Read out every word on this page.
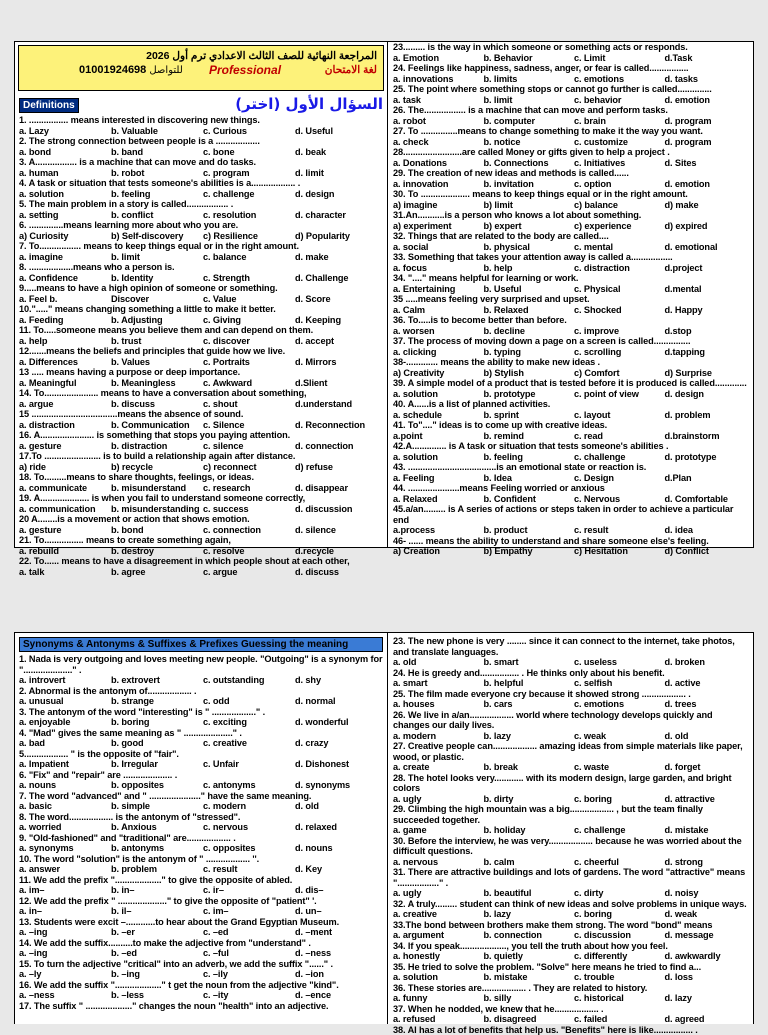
المراجعة النهائية للصف الثالث الاعدادي ترم أول 2026
لغة الامتحان
Professional
01001924698 للتواصل
Definitions	السؤال الأول (اختر)
1. ................ means interested in discovering new things.
a. Lazy	b. Valuable	c. Curious	d. Useful
2. The strong connection between people is a ..................
a. bond	b. band	c. bone	d. beak
3. A................. is a machine that can move and do tasks.
a. human	b. robot	c. program	d. limit
4. A task or situation that tests someone's abilities is a.................. .
a. solution	b. feeling	c. challenge	d. design
5. The main problem in a story is called................. .
a. setting	b. conflict	c. resolution	d. character
6. ..............means learning more about who you are.
a) Curiosity	b) Self-discovery	c) Resilience	d) Popularity
7. To................. means to keep things equal or in the right amount.
a. imagine	b. limit	c. balance	d. make
8. ..................means who a person is.
a. Confidence	b. Identity	c. Strength	d. Challenge
9.....means to have a high opinion of someone or something.
a. Feel b.	Discover	c. Value	d. Score
10."....." means changing something a little to make it better.
a. Feeding	b. Adjusting	c. Giving	d. Keeping
11. To.....someone means you believe them and can depend on them.
a. help	b. trust	c. discover	d. accept
12.......means the beliefs and principles that guide how we live.
a. Differences	b. Values	c. Portraits	d. Mirrors
13 ..... means having a purpose or deep importance.
a. Meaningful	b. Meaningless	c. Awkward	d.Slient
14. To...................... means to have a conversation about something,
a. argue	b. discuss	c. shout	d.understand
15 ...................................means the absence of sound.
a. distraction	b. Communication	c. Silence	d. Reconnection
16. A...................... is something that stops you paying attention.
a. gesture	b. distraction	c. silence	d. connection
17.To ....................... is to build a relationship again after distance.
a) ride	b) recycle	c) reconnect	d) refuse
18. To.........means to share thoughts, feelings, or ideas.
a. communicate	b. misunderstand	c. research	d. disappear
19. A.................... is when you fail to understand someone correctly,
a. communication	b. misunderstanding c. success	d. discussion
20 A........is a movement or action that shows emotion.
a. gesture	b. bond	c. connection	d. silence
21. To................ means to create something again,
a. rebuild	b. destroy	c. resolve	d.recycle
22. To...... means to have a disagreement in which people shout at each other,
a. talk	b. agree	c. argue	d. discuss
23......... is the way in which someone or something acts or responds.
a. Emotion	b. Behavior	c. Limit	d.Task
24. Feelings like happiness, sadness, anger, or fear is called................
a. innovations	b. limits	c. emotions	d. tasks
25. The point where something stops or cannot go further is called..............
a. task	b. limit	c. behavior	d. emotion
26. The................. is a machine that can move and perform tasks.
a. robot	b. computer	c. brain	d. program
27. To ...............means to change something to make it the way you want.
a. check	b. notice	c. customize	d. program
28........................are called Money or gifts given to help a project .
a. Donations	b. Connections	c. Initiatives	d. Sites
29. The creation of new ideas and methods is called......
a. innovation	b. invitation	c. option	d. emotion
30. To .................... means to keep things equal or in the right amount.
a) imagine	b) limit	c) balance	d) make
31.An...........is a person who knows a lot about something.
a) experiment	b) expert	c) experience	d) expired
32. Things that are related to the body are called....
a. social	b. physical	c. mental	d. emotional
33. Something that takes your attention away is called a.................
a. focus	b. help	c. distraction	d.project
34. "...." means helpful for learning or work.
a. Entertaining	b. Useful	c. Physical	d.mental
35 .....means feeling very surprised and upset.
a. Calm	b. Relaxed	c. Shocked	d. Happy
36. To.....is to become better than before.
a. worsen	b. decline	c. improve	d.stop
37. The process of moving down a page on a screen is called...............
a. clicking	b. typing	c. scrolling	d.tapping
38-............. means the ability to make new ideas .
a) Creativity	b) Stylish	c) Comfort	d) Surprise
39. A simple model of a product that is tested before it is produced is called.............
a. solution	b. prototype	c. point of view	d. design
40. A......is a list of planned activities.
a. schedule	b. sprint	c. layout	d. problem
41. To"...." ideas is to come up with creative ideas.
a.point	b. remind	c. read	d.brainstorm
42.A.............. is A task or situation that tests someone's abilities .
a. solution	b. feeling	c. challenge	d. prototype
43. ....................................is an emotional state or reaction is.
a. Feeling	b. Idea	c. Design	d.Plan
44. .....................means Feeling worried or anxious
a. Relaxed	b. Confident	c. Nervous	d. Comfortable
45.a/an......... is A series of actions or steps taken in order to achieve a particular end
a.process	b. product	c. result	d. idea
46- ...... means the ability to understand and share someone else's feeling.
a) Creation	b) Empathy	c) Hesitation	d) Conflict
Synonyms & Antonyms & Suffixes & Prefixes Guessing the meaning
1. Nada is very outgoing and loves meeting new people. "Outgoing" is a synonym for "...................." .
a. introvert	b. extrovert	c. outstanding	d. shy
2. Abnormal is the antonym of.................. .
a. unusual	b. strange	c. odd	d. normal
3. The antonym of the word "interesting" is " .................." .
a. enjoyable	b. boring	c. exciting	d. wonderful
4. "Mad" gives the same meaning as " ...................." .
a. bad	b. good	c. creative	d. crazy
5.................. " is the opposite of "fair".
a. Impatient	b. Irregular	c. Unfair	d. Dishonest
6. "Fix" and "repair" are .................... .
a. nouns	b. opposites	c. antonyms	d. synonyms
7. The word "advanced" and " ....................." have the same meaning.
a. basic	b. simple	c. modern	d. old
8. The word.................. is the antonym of "stressed".
a. worried	b. Anxious	c. nervous	d. relaxed
9. "Old-fashioned" and "traditional" are.................. .
a. synonyms	b. antonyms	c. opposites	d. nouns
10. The word "solution" is the antonym of " .................. ''.
a. answer	b. problem	c. result	d. Key
11. We add the prefix "..................." to give the opposite of abled.
a. im–	b. in–	c. ir–	d. dis–
12. We add the prefix " ...................." to give the opposite of "patient" '.
a. in–	b. il–	c. im–	d. un–
13. Students were excit –............to hear about the Grand Egyptian Museum.
a. –ing	b. –er	c. –ed	d. –ment
14. We add the suffix..........to make the adjective from "understand" .
a. –ing	b. –ed	c. –ful	d. –ness
15. To turn the adjective "critical" into an adverb, we add the suffix "......" .
a. –ly	b. –ing	c. –ily	d. –ion
16. We add the suffix "..................." t get the noun from the adjective "kind".
a. –ness	b. –less	c. –ity	d. –ence
17. The suffix " ..................." changes the noun "health" into an adjective.
23. The new phone is very ........ since it can connect to the internet, take photos, and translate languages.
a. old	b. smart	c. useless	d. broken
24. He is greedy and................ . He thinks only about his benefit.
a. smart	b. helpful	c. selfish	d. active
25. The film made everyone cry because it showed strong .................. .
a. houses	b. cars	c. emotions	d. trees
26. We live in a/an.................. world where technology develops quickly and changes our daily lives.
a. modern	b. lazy	c. weak	d. old
27. Creative people can.................. amazing ideas from simple materials like paper, wood, or plastic.
a. create	b. break	c. waste	d. forget
28. The hotel looks very............ with its modern design, large garden, and bright colors
a. ugly	b. dirty	c. boring	d. attractive
29. Climbing the high mountain was a big.................. , but the team finally succeeded together.
a. game	b. holiday	c. challenge	d. mistake
30. Before the interview, he was very.................. because he was worried about the difficult questions.
a. nervous	b. calm	c. cheerful	d. strong
31. There are attractive buildings and lots of gardens. The word "attractive" means "................." .
a. ugly	b. beautiful	c. dirty	d. noisy
32. A truly......... student can think of new ideas and solve problems in unique ways.
a. creative	b. lazy	c. boring	d. weak
33.The bond between brothers make them strong. The word "bond" means
a. argument	b. connection	c. discussion	d. message
34. If you speak..................., you tell the truth about how you feel.
a. honestly	b. quietly	c. differently	d. awkwardly
35. He tried to solve the problem. "Solve" here means he tried to find a...
a. solution	b. mistake	c. trouble	d. loss
36. These stories are.................. . They are related to history.
a. funny	b. silly	c. historical	d. lazy
37. When he nodded, we knew that he.................. .
a. refused	b. disagreed	c. failed	d. agreed
38. AI has a lot of benefits that help us. "Benefits" here is like................ .
